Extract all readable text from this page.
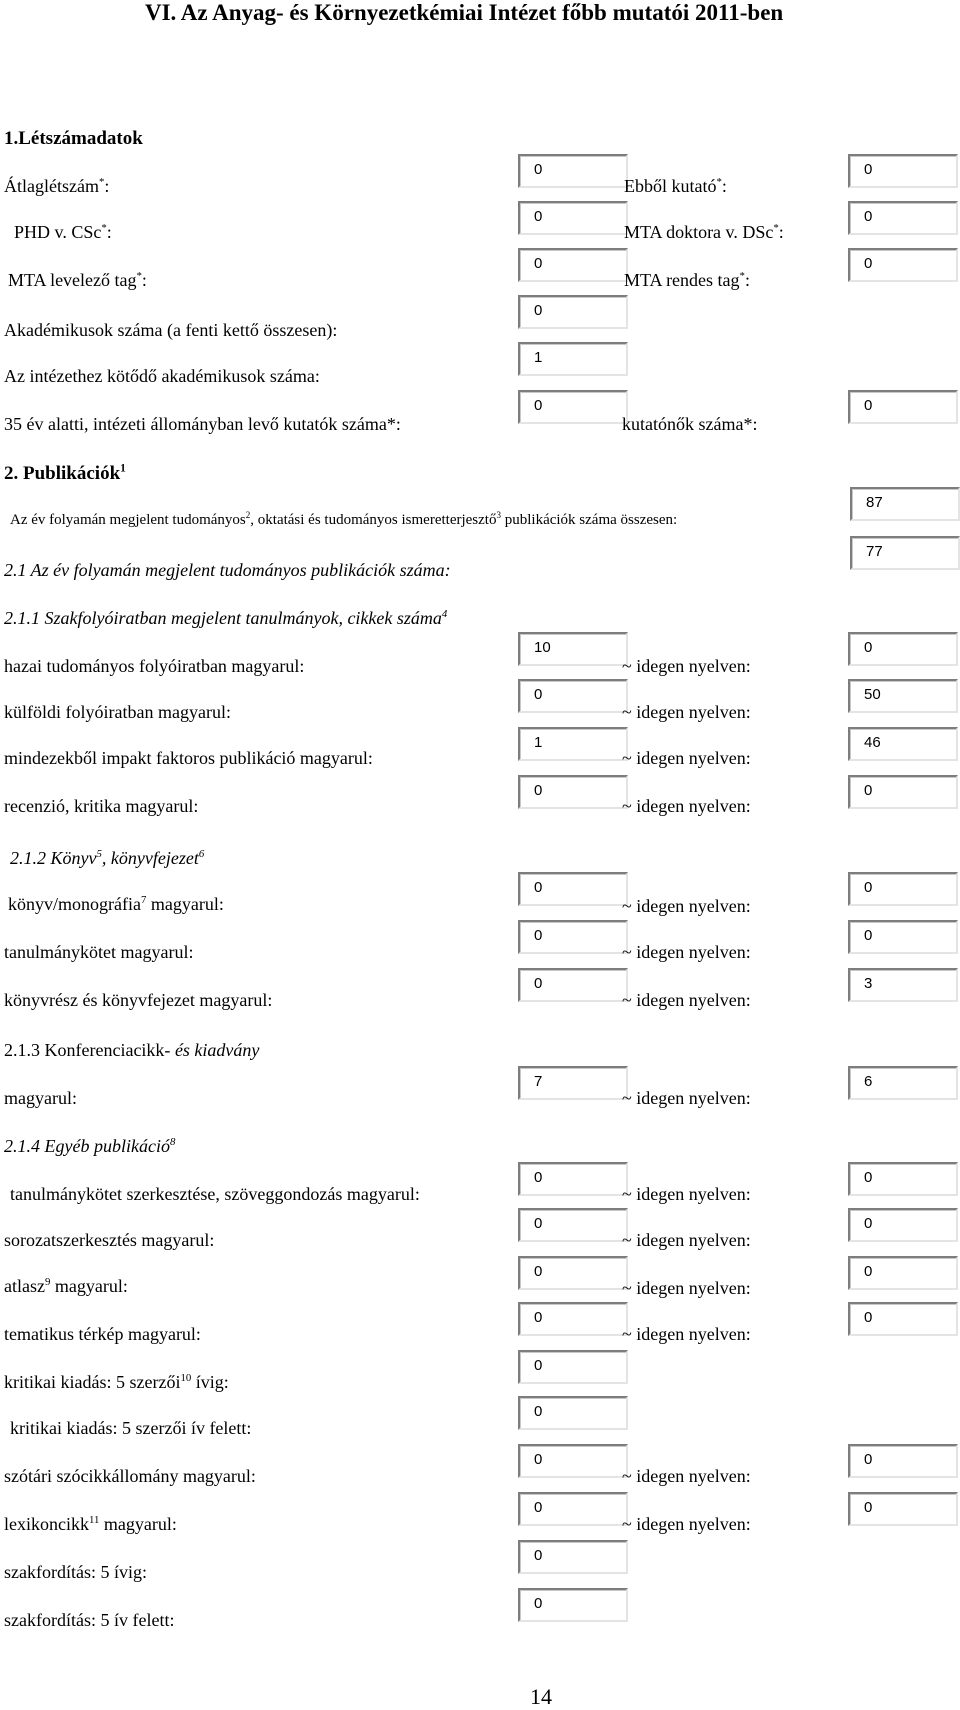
VI. Az Anyag- és Környezetkémiai Intézet főbb mutatói 2011-ben
1.Létszámadatok
Átlaglétszám*:
0
Ebből kutató*:
0
PHD v. CSc*:
0
MTA doktora v. DSc*:
0
MTA levelező tag*:
0
MTA rendes tag*:
0
Akadémikusok száma (a fenti kettő összesen):
0
Az intézethez kötődő akadémikusok száma:
1
35 év alatti, intézeti állományban levő kutatók száma*:
0
kutatónők száma*:
0
2. Publikációk$^1$
Az év folyamán megjelent tudományos$^2$, oktatási és tudományos ismeretterjesztő$^3$ publikációk száma összesen:
87
2.1 Az év folyamán megjelent tudományos publikációk száma:
77
2.1.1 Szakfolyóiratban megjelent tanulmányok, cikkek száma$^4$
hazai tudományos folyóiratban magyarul:
10
~ idegen nyelven:
0
külföldi folyóiratban magyarul:
0
~ idegen nyelven:
50
mindezekből impakt faktoros publikáció magyarul:
1
~ idegen nyelven:
46
recenzió, kritika magyarul:
0
~ idegen nyelven:
0
2.1.2 Könyv$^5$, könyvfejezet$^6$
könyv/monográfia$^7$ magyarul:
0
~ idegen nyelven:
0
tanulmánykötet magyarul:
0
~ idegen nyelven:
0
könyvrész és könyvfejezet magyarul:
0
~ idegen nyelven:
3
2.1.3 Konferenciacikk- és kiadvány
magyarul:
7
~ idegen nyelven:
6
2.1.4 Egyéb publikáció$^8$
tanulmánykötet szerkesztése, szöveggondozás magyarul:
0
~ idegen nyelven:
0
sorozatszerkesztés magyarul:
0
~ idegen nyelven:
0
atlasz$^9$ magyarul:
0
~ idegen nyelven:
0
tematikus térkép magyarul:
0
~ idegen nyelven:
0
kritikai kiadás: 5 szerzői$^{10}$ ívig:
0
kritikai kiadás: 5 szerzői ív felett:
0
szótári szócikkállomány magyarul:
0
~ idegen nyelven:
0
lexikoncikk$^{11}$ magyarul:
0
~ idegen nyelven:
0
szakfordítás: 5 ívig:
0
szakfordítás: 5 ív felett:
0
14
